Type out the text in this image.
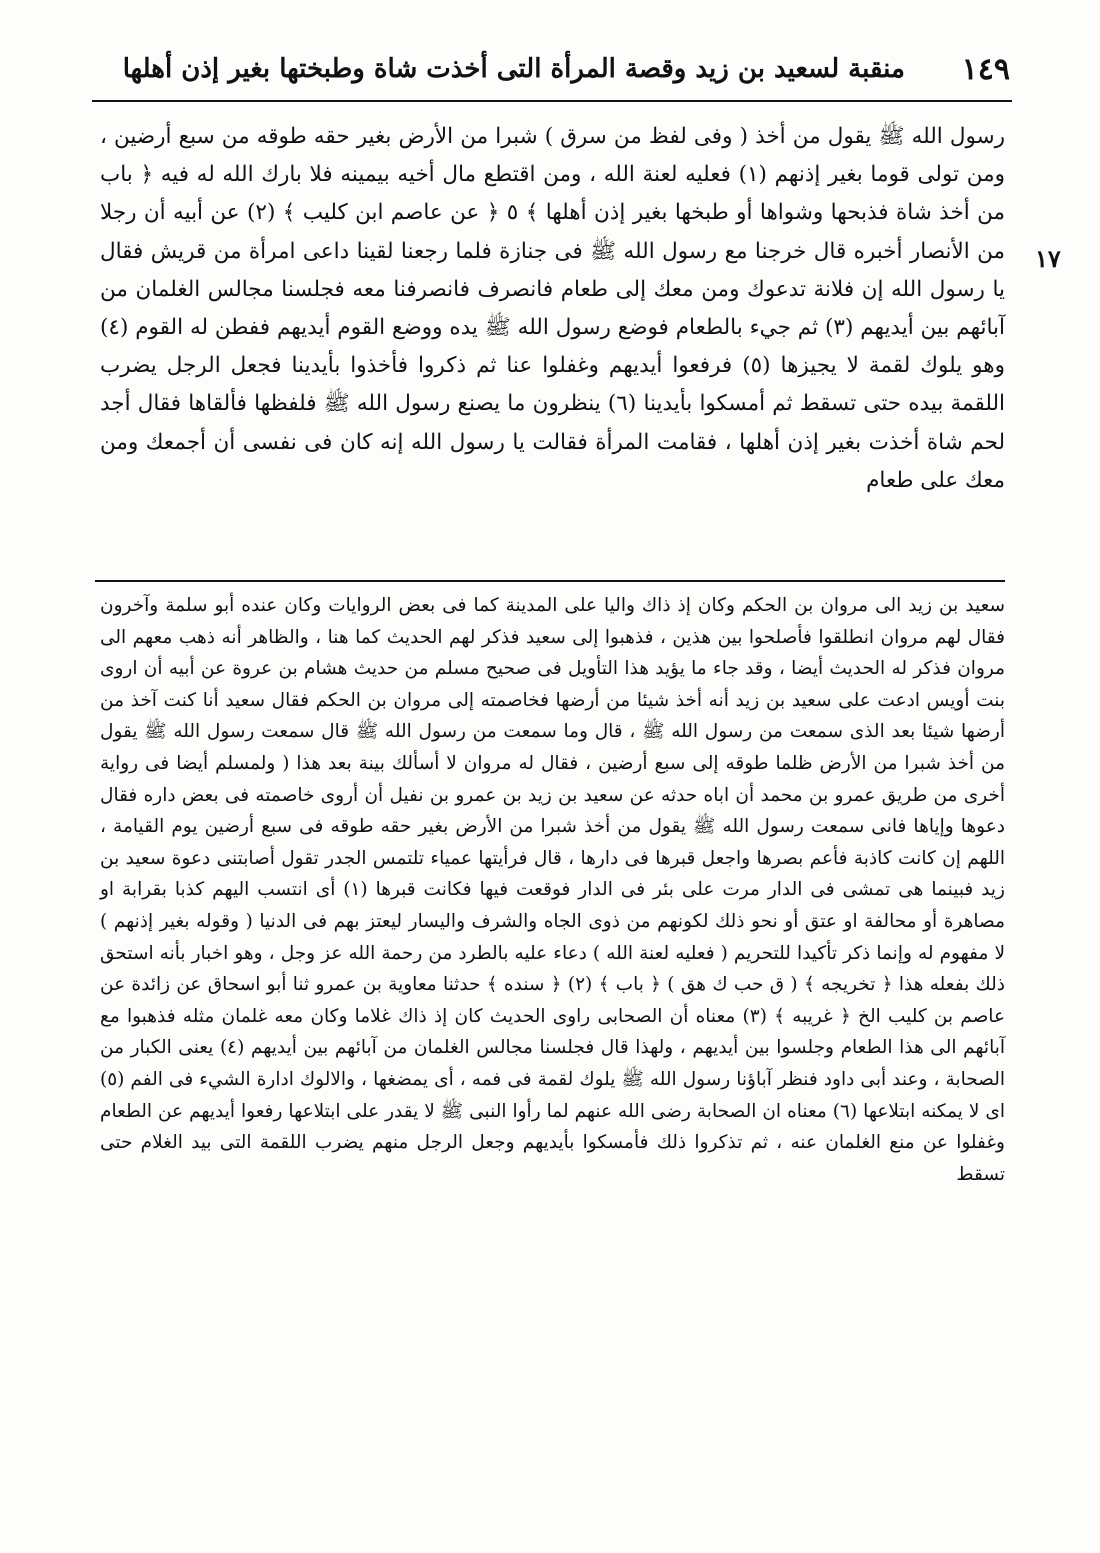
١٤٩
منقبة لسعيد بن زيد وقصة المرأة التى أخذت شاة وطبختها بغير إذن أهلها
١٧

رسول الله ﷺ يقول من أخذ ( وفى لفظ من سرق ) شبرا من الأرض بغير حقه طوقه من سبع أرضين ، ومن تولى قوما بغير إذنهم (١) فعليه لعنة الله ، ومن اقتطع مال أخيه بيمينه فلا بارك الله له فيه ﴿ باب من أخذ شاة فذبحها وشواها أو طبخها بغير إذن أهلها ﴾ ٥ ﴿ عن عاصم ابن كليب ﴾ (٢) عن أبيه أن رجلا من الأنصار أخبره قال خرجنا مع رسول الله ﷺ فى جنازة فلما رجعنا لقينا داعى امرأة من قريش فقال يا رسول الله إن فلانة تدعوك ومن معك إلى طعام فانصرف فانصرفنا معه فجلسنا مجالس الغلمان من آبائهم بين أيديهم (٣) ثم جيء بالطعام فوضع رسول الله ﷺ يده ووضع القوم أيديهم ففطن له القوم (٤) وهو يلوك لقمة لا يجيزها (٥) فرفعوا أيديهم وغفلوا عنا ثم ذكروا فأخذوا بأيدينا فجعل الرجل يضرب اللقمة بيده حتى تسقط ثم أمسكوا بأيدينا (٦) ينظرون ما يصنع رسول الله ﷺ فلفظها فألقاها فقال أجد لحم شاة أخذت بغير إذن أهلها ، فقامت المرأة فقالت يا رسول الله إنه كان فى نفسى أن أجمعك ومن معك على طعام

سعيد بن زيد الى مروان بن الحكم وكان إذ ذاك واليا على المدينة كما فى بعض الروايات وكان عنده أبو سلمة وآخرون فقال لهم مروان انطلقوا فأصلحوا بين هذين ، فذهبوا إلى سعيد فذكر لهم الحديث كما هنا ، والظاهر أنه ذهب معهم الى مروان فذكر له الحديث أيضا ، وقد جاء ما يؤيد هذا التأويل فى صحيح مسلم من حديث هشام بن عروة عن أبيه أن اروى بنت أويس ادعت على سعيد بن زيد أنه أخذ شيئا من أرضها فخاصمته إلى مروان بن الحكم فقال سعيد أنا كنت آخذ من أرضها شيئا بعد الذى سمعت من رسول الله ﷺ ، قال وما سمعت من رسول الله ﷺ قال سمعت رسول الله ﷺ يقول من أخذ شبرا من الأرض ظلما طوقه إلى سبع أرضين ، فقال له مروان لا أسألك بينة بعد هذا ( ولمسلم أيضا فى رواية أخرى من طريق عمرو بن محمد أن اباه حدثه عن سعيد بن زيد بن عمرو بن نفيل أن أروى خاصمته فى بعض داره فقال دعوها وإياها فانى سمعت رسول الله ﷺ يقول من أخذ شبرا من الأرض بغير حقه طوقه فى سبع أرضين يوم القيامة ، اللهم إن كانت كاذبة فأعم بصرها واجعل قبرها فى دارها ، قال فرأيتها عمياء تلتمس الجدر تقول أصابتنى دعوة سعيد بن زيد فبينما هى تمشى فى الدار مرت على بئر فى الدار فوقعت فيها فكانت قبرها (١) أى انتسب اليهم كذبا بقرابة او مصاهرة أو محالفة او عتق أو نحو ذلك لكونهم من ذوى الجاه والشرف واليسار ليعتز بهم فى الدنيا ( وقوله بغير إذنهم ) لا مفهوم له وإنما ذكر تأكيدا للتحريم ( فعليه لعنة الله ) دعاء عليه بالطرد من رحمة الله عز وجل ، وهو اخبار بأنه استحق ذلك بفعله هذا ﴿ تخريجه ﴾ ( ق حب ك هق ) ﴿ باب ﴾ (٢) ﴿ سنده ﴾ حدثنا معاوية بن عمرو ثنا أبو اسحاق عن زائدة عن عاصم بن كليب الخ ﴿ غريبه ﴾ (٣) معناه أن الصحابى راوى الحديث كان إذ ذاك غلاما وكان معه غلمان مثله فذهبوا مع آبائهم الى هذا الطعام وجلسوا بين أيديهم ، ولهذا قال فجلسنا مجالس الغلمان من آبائهم بين أيديهم (٤) يعنى الكبار من الصحابة ، وعند أبى داود فنظر آباؤنا رسول الله ﷺ يلوك لقمة فى فمه ، أى يمضغها ، والالوك ادارة الشيء فى الفم (٥) اى لا يمكنه ابتلاعها (٦) معناه ان الصحابة رضى الله عنهم لما رأوا النبى ﷺ لا يقدر على ابتلاعها رفعوا أيديهم عن الطعام وغفلوا عن منع الغلمان عنه ، ثم تذكروا ذلك فأمسكوا بأيديهم وجعل الرجل منهم يضرب اللقمة التى بيد الغلام حتى تسقط
